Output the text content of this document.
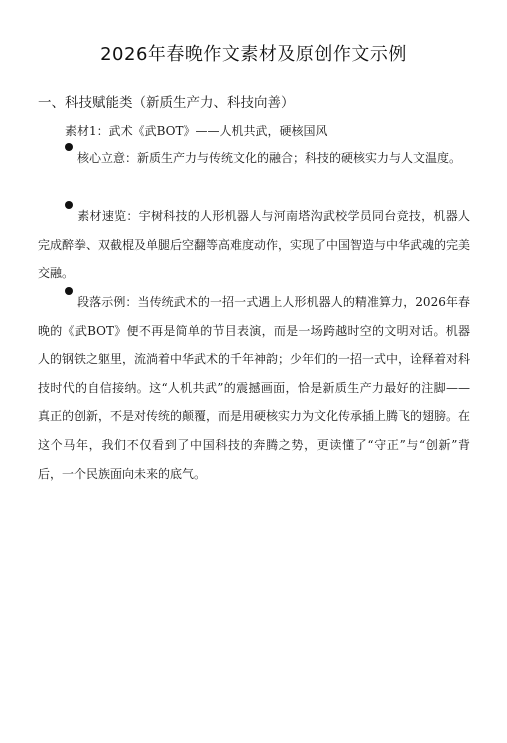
2026年春晚作文素材及原创作文示例
一、科技赋能类（新质生产力、科技向善）

素材1：武术《武BOT》——人机共武，硬核国风

核心立意：新质生产力与传统文化的融合；科技的硬核实力与人文温度。

素材速览：宇树科技的人形机器人与河南塔沟武校学员同台竞技，机器人完成醉拳、双截棍及单腿后空翻等高难度动作，实现了中国智造与中华武魂的完美交融。

段落示例：当传统武术的一招一式遇上人形机器人的精准算力，2026年春晚的《武BOT》便不再是简单的节目表演，而是一场跨越时空的文明对话。机器人的钢铁之躯里，流淌着中华武术的千年神韵；少年们的一招一式中，诠释着对科技时代的自信接纳。这“人机共武”的震撼画面，恰是新质生产力最好的注脚——真正的创新，不是对传统的颠覆，而是用硬核实力为文化传承插上腾飞的翅膀。在这个马年，我们不仅看到了中国科技的奔腾之势，更读懂了“守正”与“创新”背后，一个民族面向未来的底气。
